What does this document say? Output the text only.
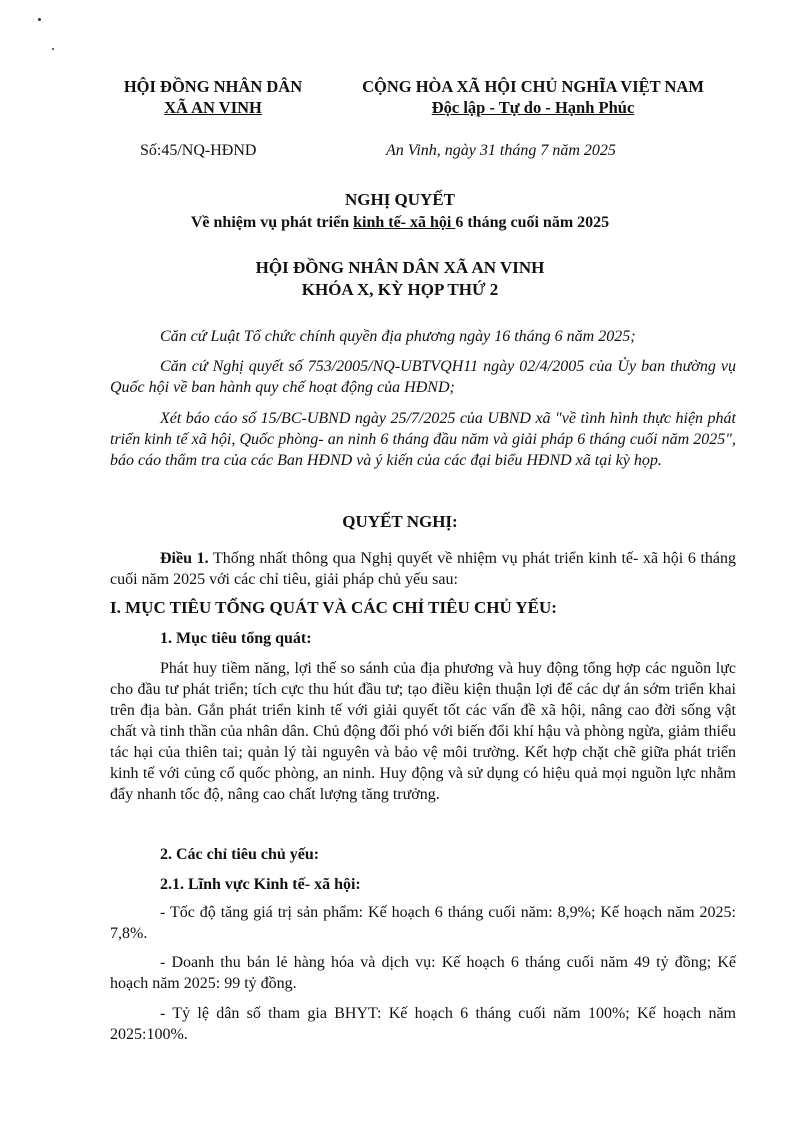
HỘI ĐỒNG NHÂN DÂN
XÃ AN VINH
CỘNG HÒA XÃ HỘI CHỦ NGHĨA VIỆT NAM
Độc lập - Tự do - Hạnh Phúc
Số:45/NQ-HĐND	An Vinh, ngày 31 tháng 7 năm 2025
NGHỊ QUYẾT
Về nhiệm vụ phát triển kinh tế- xã hội 6 tháng cuối năm 2025
HỘI ĐỒNG NHÂN DÂN XÃ AN VINH
KHÓA X, KỲ HỌP THỨ 2

Căn cứ Luật Tổ chức chính quyền địa phương ngày 16 tháng 6 năm 2025;

Căn cứ Nghị quyết số 753/2005/NQ-UBTVQH11 ngày 02/4/2005 của Ủy ban thường vụ Quốc hội về ban hành quy chế hoạt động của HĐND;

Xét báo cáo số 15/BC-UBND ngày 25/7/2025 của UBND xã "về tình hình thực hiện phát triển kinh tế xã hội, Quốc phòng- an ninh 6 tháng đầu năm và giải pháp 6 tháng cuối năm 2025", báo cáo thẩm tra của các Ban HĐND và ý kiến của các đại biểu HĐND xã tại kỳ họp.

QUYẾT NGHỊ:

Điều 1. Thống nhất thông qua Nghị quyết về nhiệm vụ phát triển kinh tế- xã hội 6 tháng cuối năm 2025 với các chỉ tiêu, giải pháp chủ yếu sau:

I. MỤC TIÊU TỔNG QUÁT VÀ CÁC CHỈ TIÊU CHỦ YẾU:
1. Mục tiêu tổng quát:

Phát huy tiềm năng, lợi thế so sánh của địa phương và huy động tổng hợp các nguồn lực cho đầu tư phát triển; tích cực thu hút đầu tư; tạo điều kiện thuận lợi để các dự án sớm triển khai trên địa bàn. Gắn phát triển kinh tế với giải quyết tốt các vấn đề xã hội, nâng cao đời sống vật chất và tinh thần của nhân dân. Chủ động đối phó với biến đổi khí hậu và phòng ngừa, giảm thiểu tác hại của thiên tai; quản lý tài nguyên và bảo vệ môi trường. Kết hợp chặt chẽ giữa phát triển kinh tế với củng cố quốc phòng, an ninh. Huy động và sử dụng có hiệu quả mọi nguồn lực nhằm đẩy nhanh tốc độ, nâng cao chất lượng tăng trưởng.

2. Các chỉ tiêu chủ yếu:
2.1. Lĩnh vực Kinh tế- xã hội:

- Tốc độ tăng giá trị sản phẩm: Kế hoạch 6 tháng cuối năm: 8,9%; Kế hoạch năm 2025: 7,8%.

- Doanh thu bán lẻ hàng hóa và dịch vụ: Kế hoạch 6 tháng cuối năm 49 tỷ đồng; Kế hoạch năm 2025: 99 tỷ đồng.

- Tỷ lệ dân số tham gia BHYT: Kế hoạch 6 tháng cuối năm 100%; Kế hoạch năm 2025:100%.
